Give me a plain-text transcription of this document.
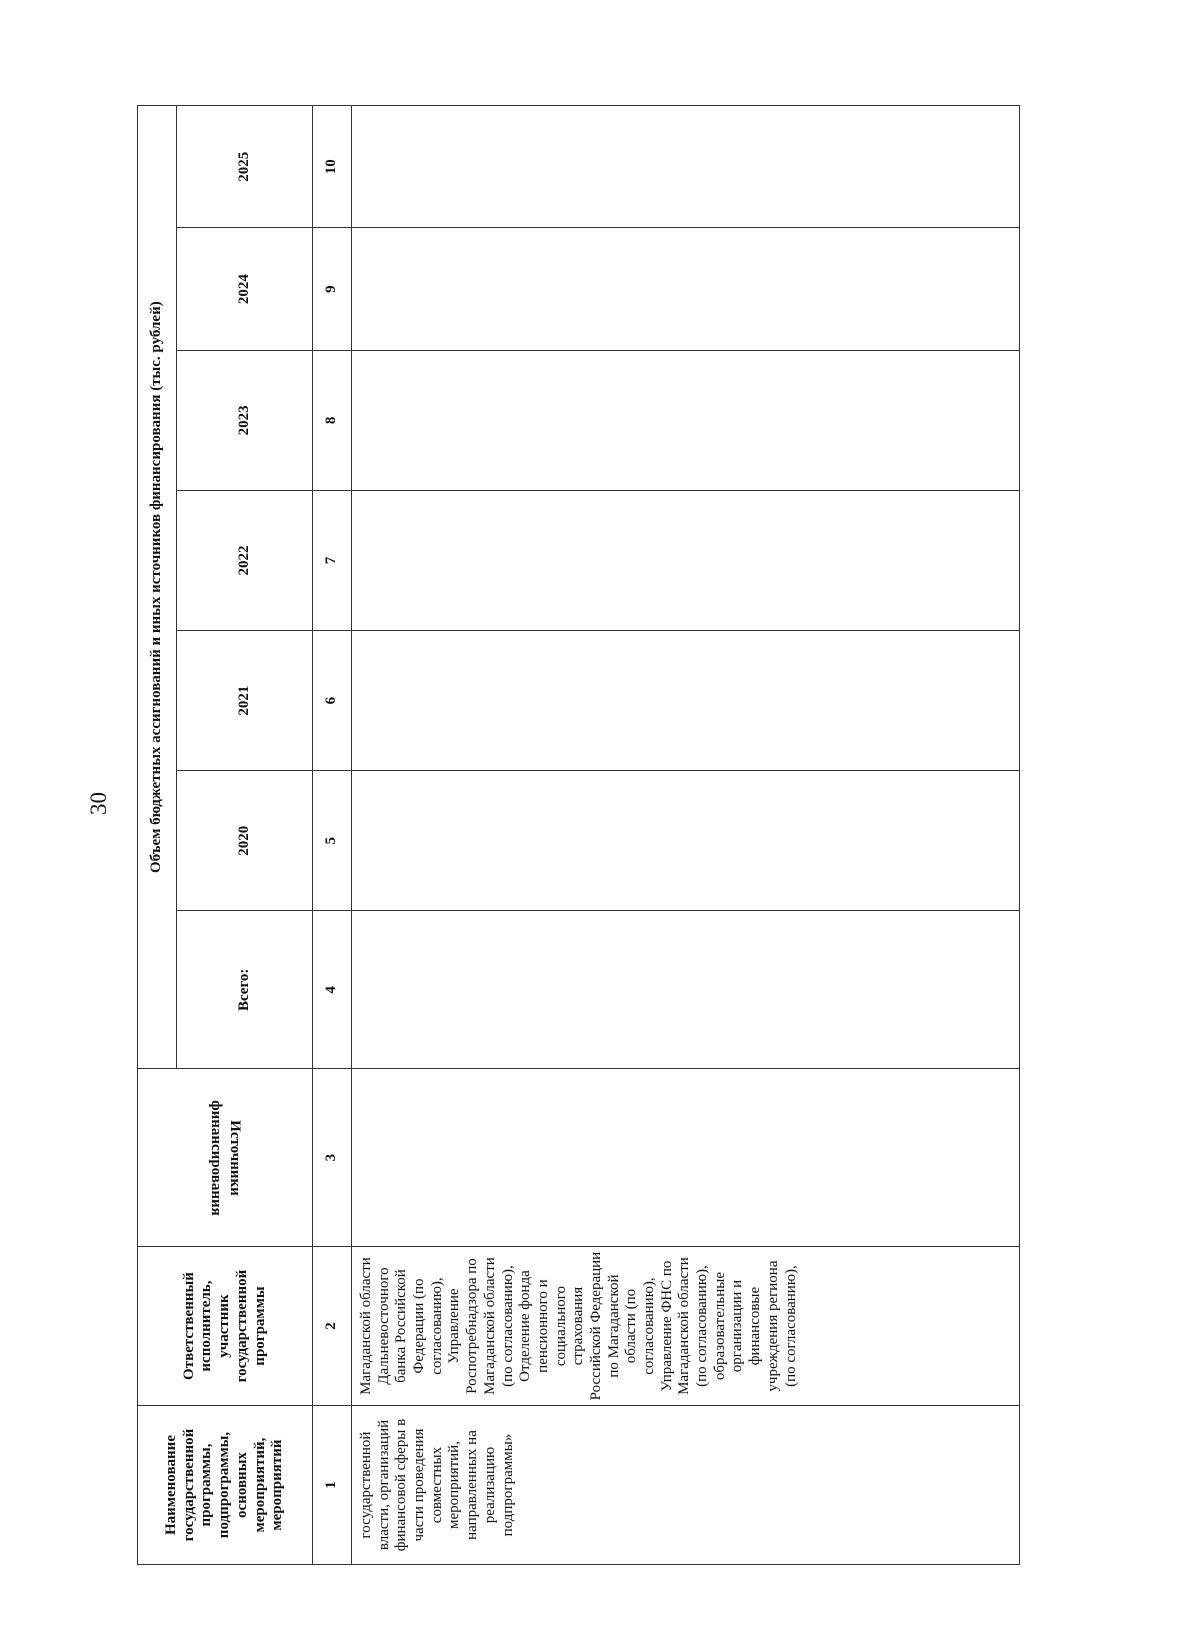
30
Наименование государственной программы, подпрограммы, основных мероприятий, мероприятий	Ответственный исполнитель, участник государственной программы	Источники
финансирования	Объем бюджетных ассигнований и иных источников финансирования (тыс. рублей)						
			Всего:	2020	2021	2022	2023	2024	2025
1	2	3	4	5	6	7	8	9	10

государственной власти, организаций финансовой сферы в части проведения совместных мероприятий, направленных на реализацию подпрограммы»	Магаданской области Дальневосточного банка Российской Федерации (по согласованию), Управление Роспотребнадзора по Магаданской области (по согласованию), Отделение фонда пенсионного и социального страхования Российской Федерации по Магаданской области (по согласованию), Управление ФНС по Магаданской области (по согласованию), образовательные организации и финансовые учреждения региона (по согласованию),								
